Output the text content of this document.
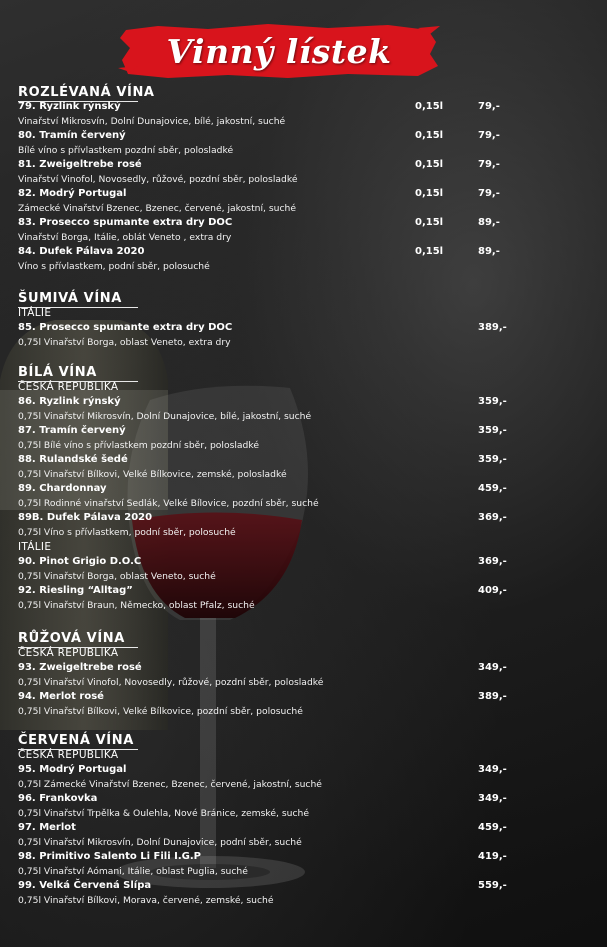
Vinný lístek
ROZLÉVANÁ VÍNA
79. Ryzlink rýnský	0,15l	79,-
Vinařství Mikrosvín, Dolní Dunajovice, bílé, jakostní, suché
80. Tramín červený	0,15l	79,-
Bílé víno s přívlastkem pozdní sběr, polosladké
81. Zweigeltrebe rosé	0,15l	79,-
Vinařství Vinofol, Novosedly, růžové, pozdní sběr, polosladké
82. Modrý Portugal	0,15l	79,-
Zámecké Vinařství Bzenec, Bzenec, červené, jakostní, suché
83. Prosecco spumante extra dry DOC	0,15l	89,-
Vinařství Borga, Itálie, oblát Veneto , extra dry
84. Dufek Pálava 2020	0,15l	89,-
Víno s přívlastkem, podní sběr, polosuché
ŠUMIVÁ VÍNA
ITÁLIE
85. Prosecco spumante extra dry DOC	389,-
0,75l Vinařství Borga, oblast Veneto, extra dry
BÍLÁ VÍNA
ČESKÁ REPUBLIKA
86. Ryzlink rýnský	359,-
0,75l Vinařství Mikrosvín, Dolní Dunajovice, bílé, jakostní, suché
87. Tramín červený	359,-
0,75l Bílé víno s přívlastkem pozdní sběr, polosladké
88. Rulandské šedé	359,-
0,75l Vinařství Bílkovi, Velké Bílkovice, zemské, polosladké
89. Chardonnay	459,-
0,75l Rodinné vinařství Sedlák, Velké Bílovice, pozdní sběr, suché
89B. Dufek Pálava 2020	369,-
0,75l Víno s přívlastkem, podní sběr, polosuché
ITÁLIE
90. Pinot Grigio D.O.C	369,-
0,75l Vinařství Borga, oblast Veneto, suché
92. Riesling “Alltag”	409,-
0,75l Vinařství Braun, Německo, oblast Pfalz, suché
RŮŽOVÁ VÍNA
ČESKÁ REPUBLIKA
93. Zweigeltrebe rosé	349,-
0,75l Vinařství Vinofol, Novosedly, růžové, pozdní sběr, polosladké
94. Merlot rosé	389,-
0,75l Vinařství Bílkovi, Velké Bílkovice, pozdní sběr, polosuché
ČERVENÁ VÍNA
ČESKÁ REPUBLIKA
95. Modrý Portugal	349,-
0,75l Zámecké Vinařství Bzenec, Bzenec, červené, jakostní, suché
96. Frankovka	349,-
0,75l Vinařství Trpělka & Oulehla, Nové Bránice, zemské, suché
97. Merlot	459,-
0,75l Vinařství Mikrosvín, Dolní Dunajovice, podní sběr, suché
98. Primitivo Salento Li Fili I.G.P	419,-
0,75l Vinařství Aómani, Itálie, oblast Puglia, suché
99. Velká Červená Slípa	559,-
0,75l Vinařství Bílkovi, Morava, červené, zemské, suché
